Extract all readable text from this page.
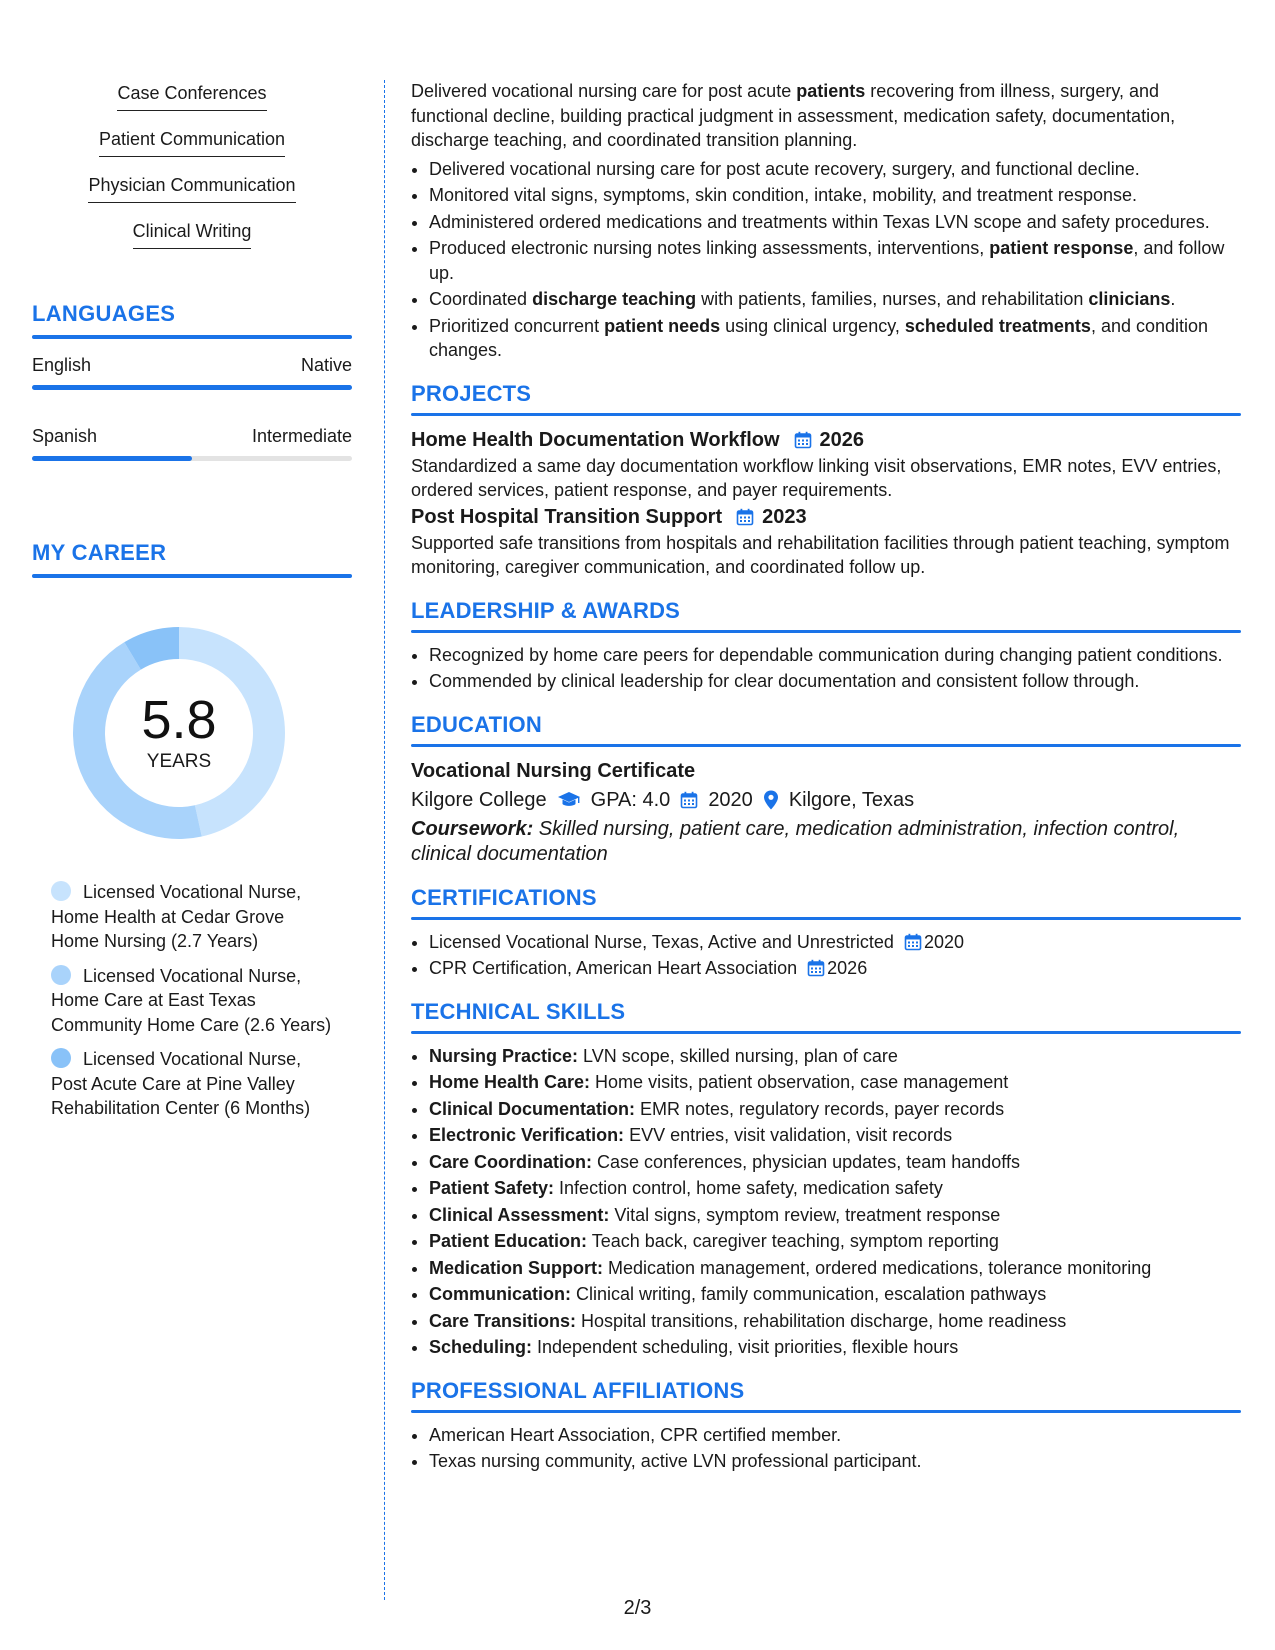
Case Conferences
Patient Communication
Physician Communication
Clinical Writing
LANGUAGES
English	Native
Spanish	Intermediate
MY CAREER
5.8
YEARS
Licensed Vocational Nurse, Home Health at Cedar Grove Home Nursing (2.7 Years)
Licensed Vocational Nurse, Home Care at East Texas Community Home Care (2.6 Years)
Licensed Vocational Nurse, Post Acute Care at Pine Valley Rehabilitation Center (6 Months)

Delivered vocational nursing care for post acute patients recovering from illness, surgery, and functional decline, building practical judgment in assessment, medication safety, documentation, discharge teaching, and coordinated transition planning.

• Delivered vocational nursing care for post acute recovery, surgery, and functional decline.
• Monitored vital signs, symptoms, skin condition, intake, mobility, and treatment response.
• Administered ordered medications and treatments within Texas LVN scope and safety procedures.
• Produced electronic nursing notes linking assessments, interventions, patient response, and follow up.
• Coordinated discharge teaching with patients, families, nurses, and rehabilitation clinicians.
• Prioritized concurrent patient needs using clinical urgency, scheduled treatments, and condition changes.
PROJECTS
Home Health Documentation Workflow 2026

Standardized a same day documentation workflow linking visit observations, EMR notes, EVV entries, ordered services, patient response, and payer requirements.

Post Hospital Transition Support 2023

Supported safe transitions from hospitals and rehabilitation facilities through patient teaching, symptom monitoring, caregiver communication, and coordinated follow up.

LEADERSHIP & AWARDS
• Recognized by home care peers for dependable communication during changing patient conditions.
• Commended by clinical leadership for clear documentation and consistent follow through.
EDUCATION
Vocational Nursing Certificate
Kilgore College GPA: 4.0 2020 Kilgore, Texas
Coursework: Skilled nursing, patient care, medication administration, infection control, clinical documentation
CERTIFICATIONS
• Licensed Vocational Nurse, Texas, Active and Unrestricted 2020
• CPR Certification, American Heart Association 2026
TECHNICAL SKILLS
• Nursing Practice: LVN scope, skilled nursing, plan of care
• Home Health Care: Home visits, patient observation, case management
• Clinical Documentation: EMR notes, regulatory records, payer records
• Electronic Verification: EVV entries, visit validation, visit records
• Care Coordination: Case conferences, physician updates, team handoffs
• Patient Safety: Infection control, home safety, medication safety
• Clinical Assessment: Vital signs, symptom review, treatment response
• Patient Education: Teach back, caregiver teaching, symptom reporting
• Medication Support: Medication management, ordered medications, tolerance monitoring
• Communication: Clinical writing, family communication, escalation pathways
• Care Transitions: Hospital transitions, rehabilitation discharge, home readiness
• Scheduling: Independent scheduling, visit priorities, flexible hours
PROFESSIONAL AFFILIATIONS
• American Heart Association, CPR certified member.
• Texas nursing community, active LVN professional participant.
2/3
